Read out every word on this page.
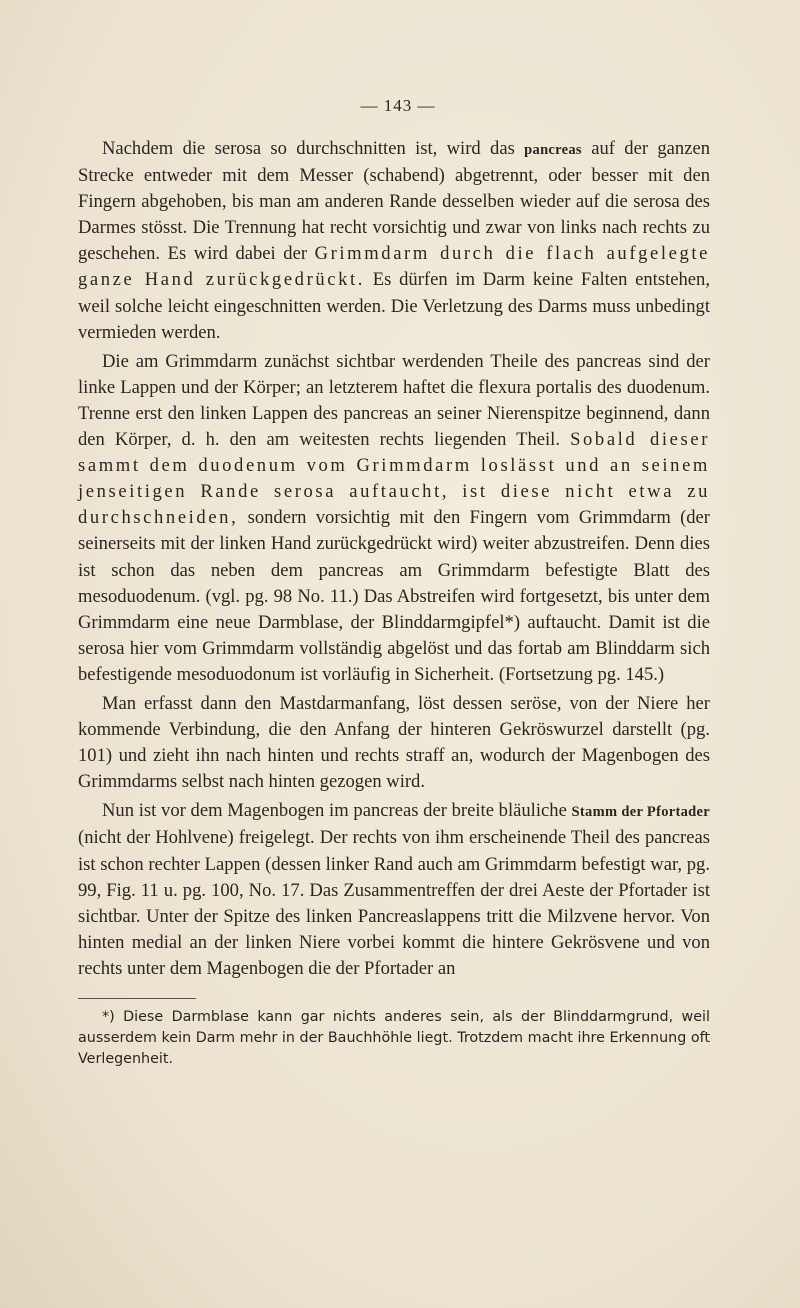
— 143 —

Nachdem die serosa so durchschnitten ist, wird das pancreas auf der ganzen Strecke entweder mit dem Messer (schabend) abgetrennt, oder besser mit den Fingern abgehoben, bis man am anderen Rande desselben wieder auf die serosa des Darmes stösst. Die Trennung hat recht vorsichtig und zwar von links nach rechts zu geschehen. Es wird dabei der Grimmdarm durch die flach aufgelegte ganze Hand zurückgedrückt. Es dürfen im Darm keine Falten entstehen, weil solche leicht eingeschnitten werden. Die Verletzung des Darms muss unbedingt vermieden werden.

Die am Grimmdarm zunächst sichtbar werdenden Theile des pancreas sind der linke Lappen und der Körper; an letzterem haftet die flexura portalis des duodenum. Trenne erst den linken Lappen des pancreas an seiner Nierenspitze beginnend, dann den Körper, d. h. den am weitesten rechts liegenden Theil. Sobald dieser sammt dem duodenum vom Grimmdarm loslässt und an seinem jenseitigen Rande serosa auftaucht, ist diese nicht etwa zu durchschneiden, sondern vorsichtig mit den Fingern vom Grimmdarm (der seinerseits mit der linken Hand zurückgedrückt wird) weiter abzustreifen. Denn dies ist schon das neben dem pancreas am Grimmdarm befestigte Blatt des mesoduodenum. (vgl. pg. 98 No. 11.) Das Abstreifen wird fortgesetzt, bis unter dem Grimmdarm eine neue Darmblase, der Blinddarmgipfel*) auftaucht. Damit ist die serosa hier vom Grimmdarm vollständig abgelöst und das fortab am Blinddarm sich befestigende mesoduodonum ist vorläufig in Sicherheit. (Fortsetzung pg. 145.)

Man erfasst dann den Mastdarmanfang, löst dessen seröse, von der Niere her kommende Verbindung, die den Anfang der hinteren Gekröswurzel darstellt (pg. 101) und zieht ihn nach hinten und rechts straff an, wodurch der Magenbogen des Grimmdarms selbst nach hinten gezogen wird.

Nun ist vor dem Magenbogen im pancreas der breite bläuliche Stamm der Pfortader (nicht der Hohlvene) freigelegt. Der rechts von ihm erscheinende Theil des pancreas ist schon rechter Lappen (dessen linker Rand auch am Grimmdarm befestigt war, pg. 99, Fig. 11 u. pg. 100, No. 17. Das Zusammentreffen der drei Aeste der Pfortader ist sichtbar. Unter der Spitze des linken Pancreaslappens tritt die Milzvene hervor. Von hinten medial an der linken Niere vorbei kommt die hintere Gekrösvene und von rechts unter dem Magenbogen die der Pfortader an

*) Diese Darmblase kann gar nichts anderes sein, als der Blinddarmgrund, weil ausserdem kein Darm mehr in der Bauchhöhle liegt. Trotzdem macht ihre Erkennung oft Verlegenheit.
